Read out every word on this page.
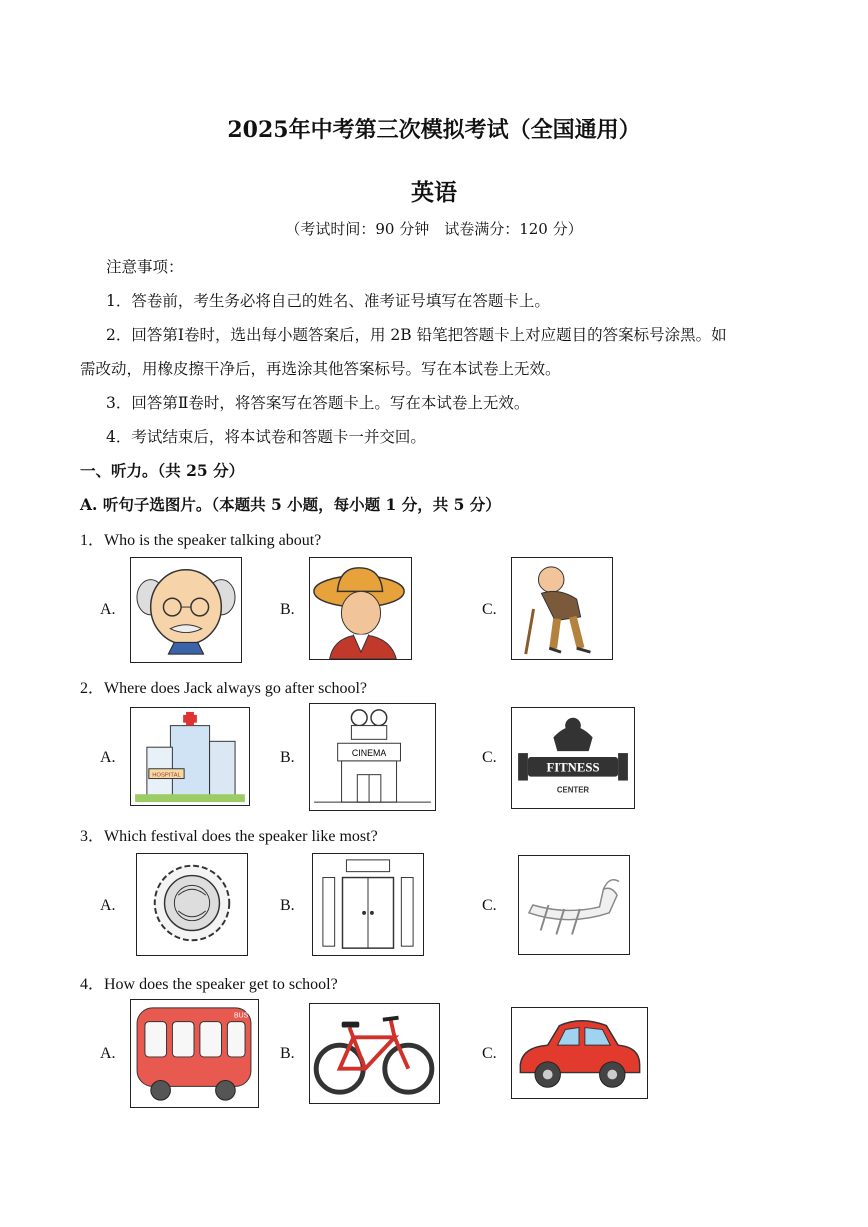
2025年中考第三次模拟考试（全国通用）
英语
（考试时间：90 分钟　试卷满分：120 分）
注意事项：
1．答卷前，考生务必将自己的姓名、准考证号填写在答题卡上。
2．回答第Ⅰ卷时，选出每小题答案后，用 2B 铅笔把答题卡上对应题目的答案标号涂黑。如
需改动，用橡皮擦干净后，再选涂其他答案标号。写在本试卷上无效。
3．回答第Ⅱ卷时，将答案写在答题卡上。写在本试卷上无效。
4．考试结束后，将本试卷和答题卡一并交回。
一、听力。（共 25 分）
A. 听句子选图片。（本题共 5 小题，每小题 1 分，共 5 分）
1．Who is the speaker talking about?
A.	B.	C.
2．Where does Jack always go after school?
A.
HOSPITAL
B.	CINEMA	C.
FITNESS
CENTER
3．Which festival does the speaker like most?
A.	B.	C.
4．How does the speaker get to school?
A.
BUS
B.	C.
